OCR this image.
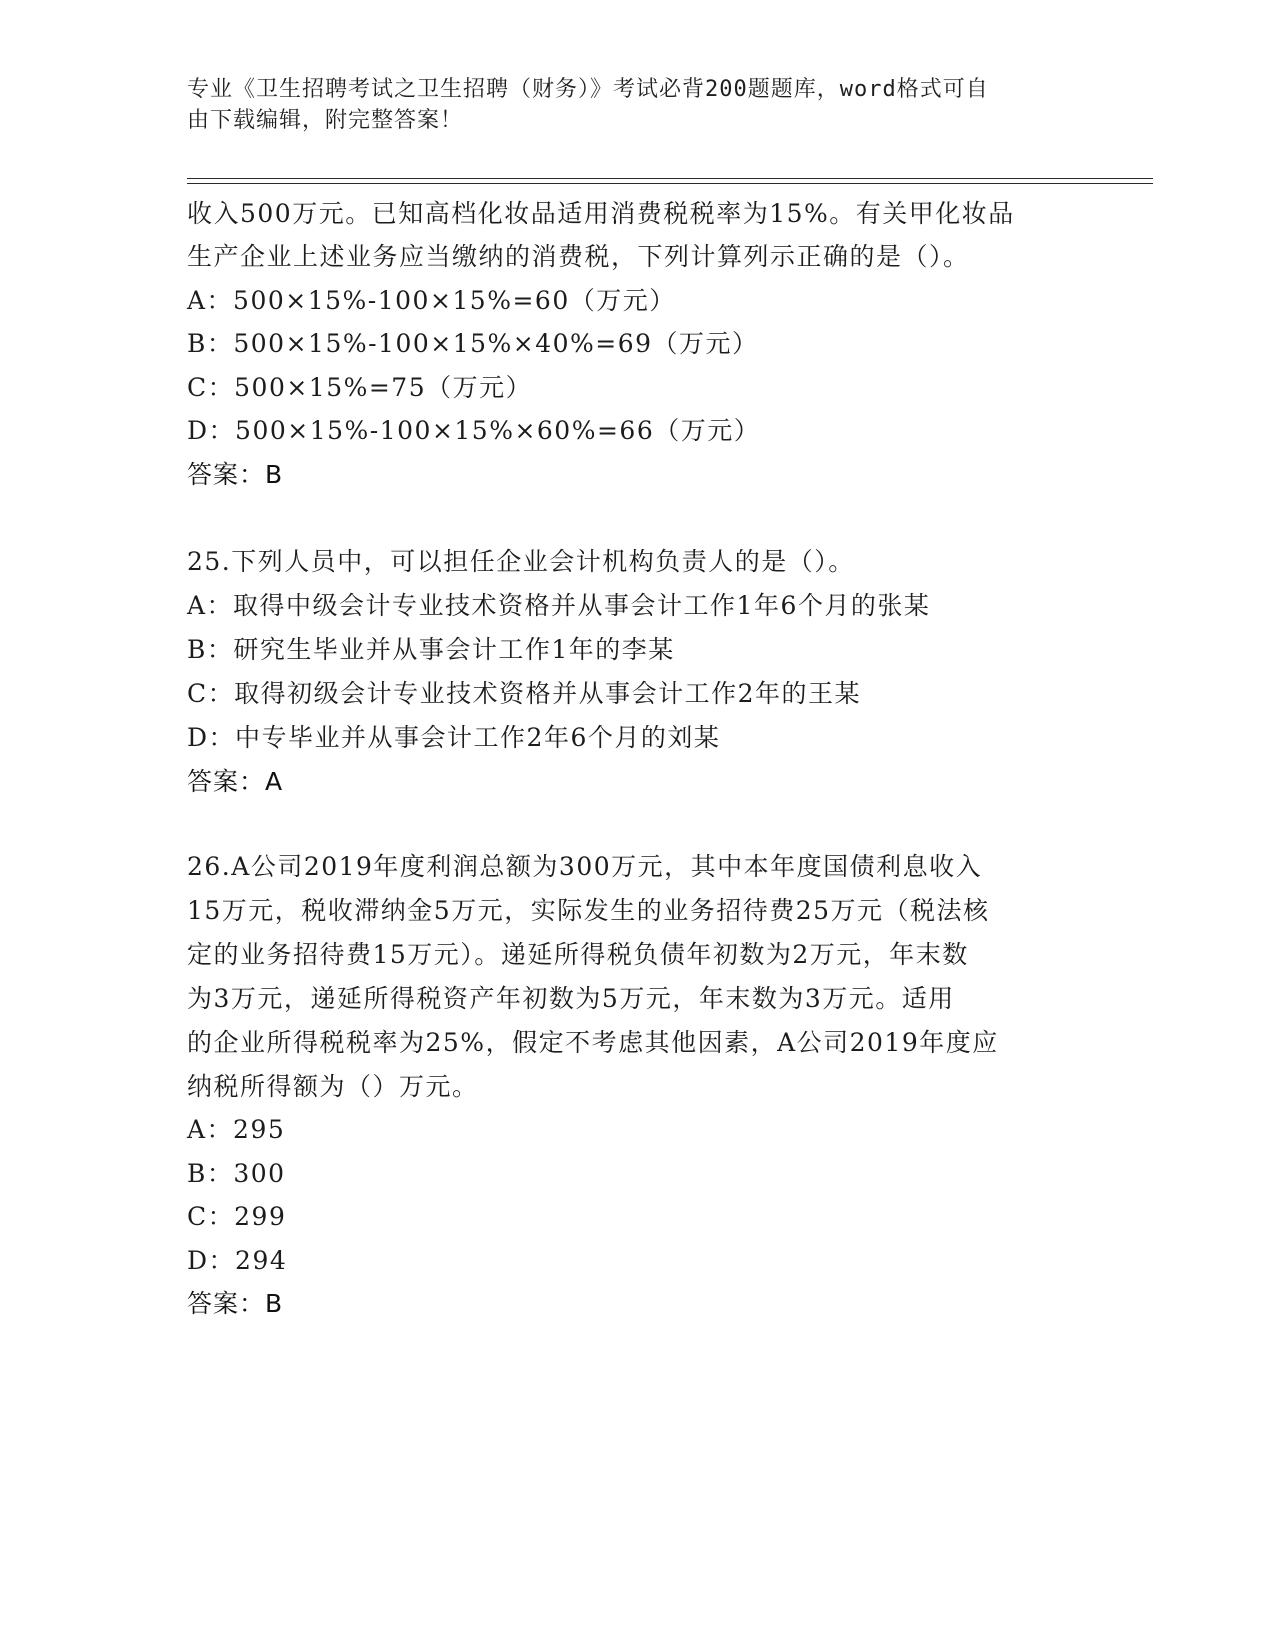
专业《卫生招聘考试之卫生招聘（财务）》考试必背200题题库，word格式可自
由下载编辑，附完整答案！
收入500万元。已知高档化妆品适用消费税税率为15%。有关甲化妆品
生产企业上述业务应当缴纳的消费税，下列计算列示正确的是（）。
A：500×15%-100×15%=60（万元）
B：500×15%-100×15%×40%=69（万元）
C：500×15%=75（万元）
D：500×15%-100×15%×60%=66（万元）
答案：B
25.下列人员中，可以担任企业会计机构负责人的是（）。
A：取得中级会计专业技术资格并从事会计工作1年6个月的张某
B：研究生毕业并从事会计工作1年的李某
C：取得初级会计专业技术资格并从事会计工作2年的王某
D：中专毕业并从事会计工作2年6个月的刘某
答案：A
26.A公司2019年度利润总额为300万元，其中本年度国债利息收入
15万元，税收滞纳金5万元，实际发生的业务招待费25万元（税法核
定的业务招待费15万元）。递延所得税负债年初数为2万元，年末数
为3万元，递延所得税资产年初数为5万元，年末数为3万元。适用
的企业所得税税率为25%，假定不考虑其他因素，A公司2019年度应
纳税所得额为（）万元。
A：295
B：300
C：299
D：294
答案：B
